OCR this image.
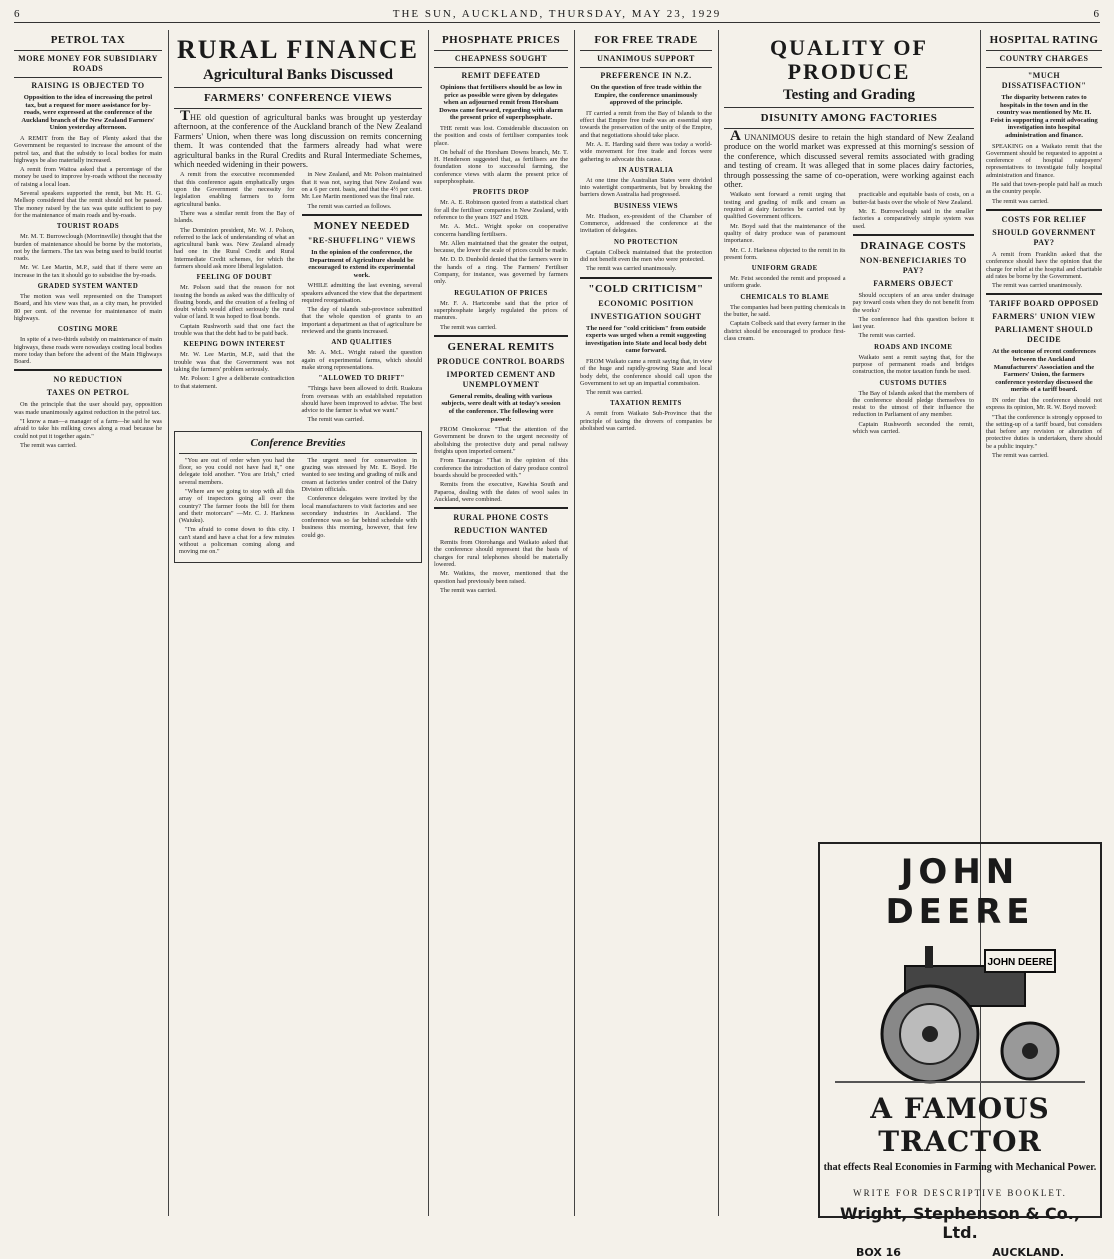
6	THE SUN, AUCKLAND, THURSDAY, MAY 23, 1929	6
PETROL TAX
MORE MONEY FOR SUBSIDIARY ROADS
RAISING IS OBJECTED TO
Opposition to the idea of increasing the petrol tax, but a request for more assistance for by-roads, were expressed at the conference of the Auckland branch of the New Zealand Farmers' Union yesterday afternoon.

A REMIT from the Bay of Plenty asked that the Government be requested to increase the amount of the petrol tax, and that the subsidy to local bodies for main highways be also materially increased.

A remit from Waitoa asked that a percentage of the money be used to improve by-roads without the necessity of raising a local loan.

Several speakers supported the remit, but Mr. H. G. Mellsop considered that the remit should not be passed. The money raised by the tax was quite sufficient to pay for the maintenance of main roads and by-roads.

TOURIST ROADS

Mr. M. T. Burrowclough (Morrinsville) thought that the burden of maintenance should be borne by the motorists, not by the farmers. The tax was being used to build tourist roads.

Mr. W. Lee Martin, M.P., said that if there were an increase in the tax it should go to subsidise the by-roads.

GRADED SYSTEM WANTED

The motion was well represented on the Transport Board, and his view was that, as a city man, he provided 80 per cent. of the revenue for maintenance of main highways.

COSTING MORE

In spite of a two-thirds subsidy on maintenance of main highways, these roads were nowadays costing local bodies more today than before the advent of the Main Highways Board.

NO REDUCTION
TAXES ON PETROL

On the principle that the user should pay, opposition was made unanimously against reduction in the petrol tax.

"I know a man—a manager of a farm—he said he was afraid to take his milking cows along a road because he could not put it together again."

The remit was carried.

RURAL FINANCE
Agricultural Banks Discussed
FARMERS' CONFERENCE VIEWS

THE old question of agricultural banks was brought up yesterday afternoon, at the conference of the Auckland branch of the New Zealand Farmers' Union, when there was long discussion on remits concerning them. It was contended that the farmers already had what were agricultural banks in the Rural Credits and Rural Intermediate Schemes, which needed widening in their powers.

A remit from the executive recommended that this conference again emphatically urges upon the Government the necessity for legislation enabling farmers to form agricultural banks.

There was a similar remit from the Bay of Islands.

The Dominion president, Mr. W. J. Polson, referred to the lack of understanding of what an agricultural bank was. New Zealand already had one in the Rural Credit and Rural Intermediate Credit schemes, for which the farmers should ask more liberal legislation.

FEELING OF DOUBT

Mr. Polson said that the reason for not issuing the bonds as asked was the difficulty of floating bonds, and the creation of a feeling of doubt which would affect seriously the rural value of land. It was hoped to float bonds.

Captain Rushworth said that one fact the trouble was that the debt had to be paid back.

KEEPING DOWN INTEREST

Mr. W. Lee Martin, M.P., said that the trouble was that the Government was not taking the farmers' problem seriously.

Mr. Polson: I give a deliberate contradiction to that statement.

in New Zealand, and Mr. Polson maintained that it was not, saying that New Zealand was on a 6 per cent. basis, and that the 4½ per cent. Mr. Lee Martin mentioned was the final rate.

The remit was carried as follows.

MONEY NEEDED
"RE-SHUFFLING" VIEWS
In the opinion of the conference, the Department of Agriculture should be encouraged to extend its experimental work.

WHILE admitting the last evening, several speakers advanced the view that the department required reorganisation.

The day of islands sub-province submitted that the whole question of grants to an important a department as that of agriculture be reviewed and the grants increased.

AND QUALITIES

Mr. A. McL. Wright raised the question again of experimental farms, which should make strong representations.

"ALLOWED TO DRIFT"

"Things have been allowed to drift. Ruakura from overseas with an established reputation should have been improved to advise. The best advice to the farmer is what we want."

The remit was carried.

Conference Brevities

"You are out of order when you had the floor, so you could not have had it," one delegate told another. "You are Irish," cried several members.

"Where are we going to stop with all this array of inspectors going all over the country? The farmer foots the bill for them and their motorcars" —Mr. C. J. Harkness (Waiuku).

"I'm afraid to come down to this city. I can't stand and have a chat for a few minutes without a policeman coming along and moving me on."

The urgent need for conservation in grazing was stressed by Mr. E. Boyd. He wanted to see testing and grading of milk and cream at factories under control of the Dairy Division officials.

Conference delegates were invited by the local manufacturers to visit factories and see secondary industries in Auckland. The conference was so far behind schedule with business this morning, however, that few could go.

PHOSPHATE PRICES
CHEAPNESS SOUGHT
REMIT DEFEATED
Opinions that fertilisers should be as low in price as possible were given by delegates when an adjourned remit from Horsham Downs came forward, regarding with alarm the present price of superphosphate.

THE remit was lost. Considerable discussion on the position and costs of fertiliser companies took place.

On behalf of the Horsham Downs branch, Mr. T. H. Henderson suggested that, as fertilisers are the foundation stone to successful farming, the conference views with alarm the present price of superphosphate.

PROFITS DROP

Mr. A. E. Robinson quoted from a statistical chart for all the fertiliser companies in New Zealand, with reference to the years 1927 and 1928.

Mr. A. McL. Wright spoke on cooperative concerns handling fertilisers.

Mr. Allen maintained that the greater the output, because, the lower the scale of prices could be made.

Mr. D. D. Dunbold denied that the farmers were in the hands of a ring. The Farmers' Fertiliser Company, for instance, was governed by farmers only.

REGULATION OF PRICES

Mr. F. A. Hartcombe said that the price of superphosphate largely regulated the prices of manures.

The remit was carried.

GENERAL REMITS
PRODUCE CONTROL BOARDS
IMPORTED CEMENT AND UNEMPLOYMENT
General remits, dealing with various subjects, were dealt with at today's session of the conference. The following were passed:

FROM Omokoroa: "That the attention of the Government be drawn to the urgent necessity of abolishing the protective duty and penal railway freights upon imported cement."

From Tauranga: "That in the opinion of this conference the introduction of dairy produce control boards should be proceeded with."

Remits from the executive, Kawhia South and Paparoa, dealing with the dates of wool sales in Auckland, were combined.

RURAL PHONE COSTS
REDUCTION WANTED

Remits from Otorohanga and Waikato asked that the conference should represent that the basis of charges for rural telephones should be materially lowered.

Mr. Watkins, the mover, mentioned that the question had previously been raised.

The remit was carried.

FOR FREE TRADE
UNANIMOUS SUPPORT
PREFERENCE IN N.Z.
On the question of free trade within the Empire, the conference unanimously approved of the principle.

IT carried a remit from the Bay of Islands to the effect that Empire free trade was an essential step towards the preservation of the unity of the Empire, and that negotiations should take place.

Mr. A. E. Harding said there was today a world-wide movement for free trade and forces were gathering to advocate this cause.

IN AUSTRALIA

At one time the Australian States were divided into watertight compartments, but by breaking the barriers down Australia had progressed.

BUSINESS VIEWS

Mr. Hudson, ex-president of the Chamber of Commerce, addressed the conference at the invitation of delegates.

NO PROTECTION

Captain Colbeck maintained that the protection did not benefit even the men who were protected.

The remit was carried unanimously.

"COLD CRITICISM"
ECONOMIC POSITION
INVESTIGATION SOUGHT
The need for "cold criticism" from outside experts was urged when a remit suggesting investigation into State and local body debt came forward.

FROM Waikato came a remit saying that, in view of the huge and rapidly-growing State and local body debt, the conference should call upon the Government to set up an impartial commission.

The remit was carried.

TAXATION REMITS

A remit from Waikato Sub-Province that the principle of taxing the drovers of companies be abolished was carried.

QUALITY OF PRODUCE
Testing and Grading
DISUNITY AMONG FACTORIES

A UNANIMOUS desire to retain the high standard of New Zealand produce on the world market was expressed at this morning's session of the conference, which discussed several remits associated with grading and testing of cream. It was alleged that in some places dairy factories, through possessing the same of co-operation, were working against each other.

Waikato sent forward a remit urging that testing and grading of milk and cream as required at dairy factories be carried out by qualified Government officers.

Mr. Boyd said that the maintenance of the quality of dairy produce was of paramount importance.

Mr. C. J. Harkness objected to the remit in its present form.

UNIFORM GRADE

Mr. Feist seconded the remit and proposed a uniform grade.

CHEMICALS TO BLAME

The companies had been putting chemicals in the butter, he said.

Captain Colbeck said that every farmer in the district should be encouraged to produce first-class cream.

practicable and equitable basis of costs, on a butter-fat basis over the whole of New Zealand.

Mr. E. Burrowclough said in the smaller factories a comparatively simple system was used.

DRAINAGE COSTS
NON-BENEFICIARIES TO PAY?
FARMERS OBJECT

Should occupiers of an area under drainage pay toward costs when they do not benefit from the works?

The conference had this question before it last year.

The remit was carried.

ROADS AND INCOME

Waikato sent a remit saying that, for the purpose of permanent roads and bridges construction, the motor taxation funds be used.

CUSTOMS DUTIES

The Bay of Islands asked that the members of the conference should pledge themselves to resist to the utmost of their influence the reduction in Parliament of any member.

Captain Rushworth seconded the remit, which was carried.

HOSPITAL RATING
COUNTRY CHARGES
"MUCH DISSATISFACTION"
The disparity between rates to hospitals in the town and in the country was mentioned by Mr. H. Feist in supporting a remit advocating investigation into hospital administration and finance.

SPEAKING on a Waikato remit that the Government should be requested to appoint a conference of hospital ratepayers' representatives to investigate fully hospital administration and finance.

He said that town-people paid half as much as the country people.

The remit was carried.

COSTS FOR RELIEF
SHOULD GOVERNMENT PAY?

A remit from Franklin asked that the conference should have the opinion that the charge for relief at the hospital and charitable aid rates be borne by the Government.

The remit was carried unanimously.

TARIFF BOARD OPPOSED
FARMERS' UNION VIEW
PARLIAMENT SHOULD DECIDE
At the outcome of recent conferences between the Auckland Manufacturers' Association and the Farmers' Union, the farmers conference yesterday discussed the merits of a tariff board.

IN order that the conference should not express its opinion, Mr. R. W. Boyd moved:

"That the conference is strongly opposed to the setting-up of a tariff board, but considers that before any revision or alteration of protective duties is undertaken, there should be a public inquiry."

The remit was carried.

JOHN DEERE
JOHN DEERE
A FAMOUS TRACTOR
that effects Real Economies in Farming with Mechanical Power.
WRITE FOR DESCRIPTIVE BOOKLET.
Wright, Stephenson & Co., Ltd.
BOX 16	AUCKLAND.
